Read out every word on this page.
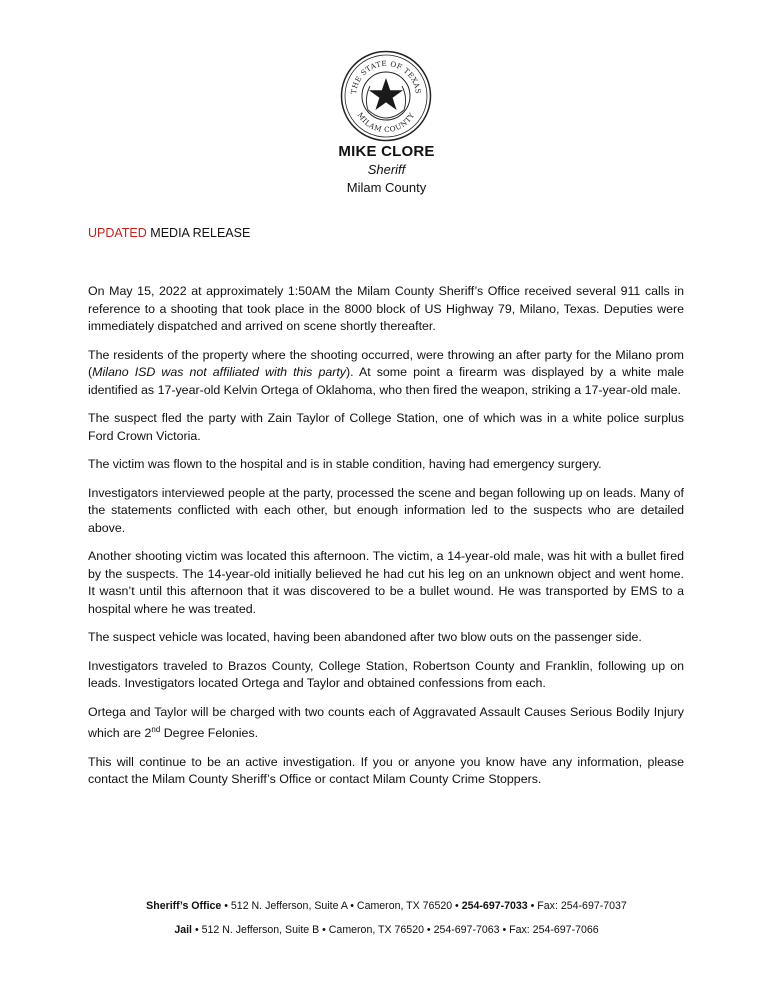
THE STATE OF TEXAS
MILAM COUNTY
MIKE CLORE
Sheriff
Milam County
UPDATED MEDIA RELEASE

On May 15, 2022 at approximately 1:50AM the Milam County Sheriff’s Office received several 911 calls in reference to a shooting that took place in the 8000 block of US Highway 79, Milano, Texas. Deputies were immediately dispatched and arrived on scene shortly thereafter.

The residents of the property where the shooting occurred, were throwing an after party for the Milano prom (Milano ISD was not affiliated with this party). At some point a firearm was displayed by a white male identified as 17-year-old Kelvin Ortega of Oklahoma, who then fired the weapon, striking a 17-year-old male.

The suspect fled the party with Zain Taylor of College Station, one of which was in a white police surplus Ford Crown Victoria.

The victim was flown to the hospital and is in stable condition, having had emergency surgery.

Investigators interviewed people at the party, processed the scene and began following up on leads. Many of the statements conflicted with each other, but enough information led to the suspects who are detailed above.

Another shooting victim was located this afternoon. The victim, a 14-year-old male, was hit with a bullet fired by the suspects. The 14-year-old initially believed he had cut his leg on an unknown object and went home. It wasn’t until this afternoon that it was discovered to be a bullet wound. He was transported by EMS to a hospital where he was treated.

The suspect vehicle was located, having been abandoned after two blow outs on the passenger side.

Investigators traveled to Brazos County, College Station, Robertson County and Franklin, following up on leads. Investigators located Ortega and Taylor and obtained confessions from each.

Ortega and Taylor will be charged with two counts each of Aggravated Assault Causes Serious Bodily Injury which are 2nd Degree Felonies.

This will continue to be an active investigation. If you or anyone you know have any information, please contact the Milam County Sheriff’s Office or contact Milam County Crime Stoppers.

Sheriff’s Office • 512 N. Jefferson, Suite A • Cameron, TX 76520 • 254-697-7033 • Fax: 254-697-7037
Jail • 512 N. Jefferson, Suite B • Cameron, TX 76520 • 254-697-7063 • Fax: 254-697-7066
